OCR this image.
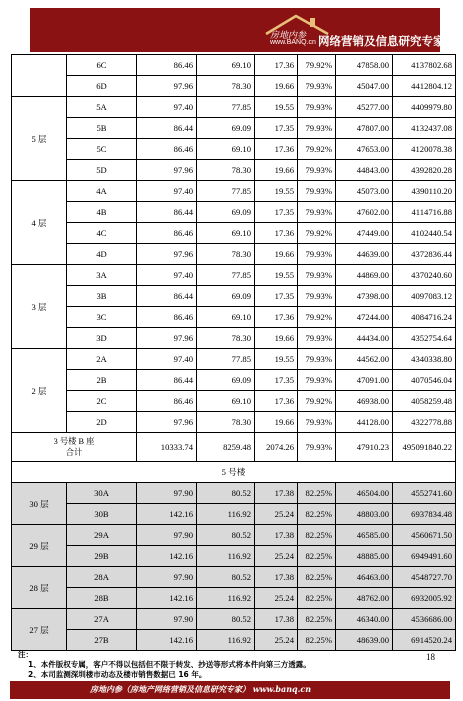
房地内参
www.BANQ.cn 网络营销及信息研究专家
	6C	86.46	69.10	17.36	79.92%	47858.00	4137802.68
	6D	97.96	78.30	19.66	79.93%	45047.00	4412804.12
5 层	5A	97.40	77.85	19.55	79.93%	45277.00	4409979.80
	5B	86.44	69.09	17.35	79.93%	47807.00	4132437.08
	5C	86.46	69.10	17.36	79.92%	47653.00	4120078.38
	5D	97.96	78.30	19.66	79.93%	44843.00	4392820.28
4 层	4A	97.40	77.85	19.55	79.93%	45073.00	4390110.20
	4B	86.44	69.09	17.35	79.93%	47602.00	4114716.88
	4C	86.46	69.10	17.36	79.92%	47449.00	4102440.54
	4D	97.96	78.30	19.66	79.93%	44639.00	4372836.44
3 层	3A	97.40	77.85	19.55	79.93%	44869.00	4370240.60
	3B	86.44	69.09	17.35	79.93%	47398.00	4097083.12
	3C	86.46	69.10	17.36	79.92%	47244.00	4084716.24
	3D	97.96	78.30	19.66	79.93%	44434.00	4352754.64
2 层	2A	97.40	77.85	19.55	79.93%	44562.00	4340338.80
	2B	86.44	69.09	17.35	79.93%	47091.00	4070546.04
	2C	86.46	69.10	17.36	79.92%	46938.00	4058259.48
	2D	97.96	78.30	19.66	79.93%	44128.00	4322778.88

3 号楼 B 座
合计		10333.74	8259.48	2074.26	79.93%	47910.23	495091840.22
5 号楼							
30 层	30A	97.90	80.52	17.38	82.25%	46504.00	4552741.60
	30B	142.16	116.92	25.24	82.25%	48803.00	6937834.48
29 层	29A	97.90	80.52	17.38	82.25%	46585.00	4560671.50
	29B	142.16	116.92	25.24	82.25%	48885.00	6949491.60
28 层	28A	97.90	80.52	17.38	82.25%	46463.00	4548727.70
	28B	142.16	116.92	25.24	82.25%	48762.00	6932005.92
27 层	27A	97.90	80.52	17.38	82.25%	46340.00	4536686.00
	27B	142.16	116.92	25.24	82.25%	48639.00	6914520.24
注：
1、本件版权专属，客户不得以包括但不限于转发、抄送等形式将本件向第三方透露。
2、本司监测深圳楼市动态及楼市销售数据已 16 年。
18
房地内参（房地产网络营销及信息研究专家） www.banq.cn
